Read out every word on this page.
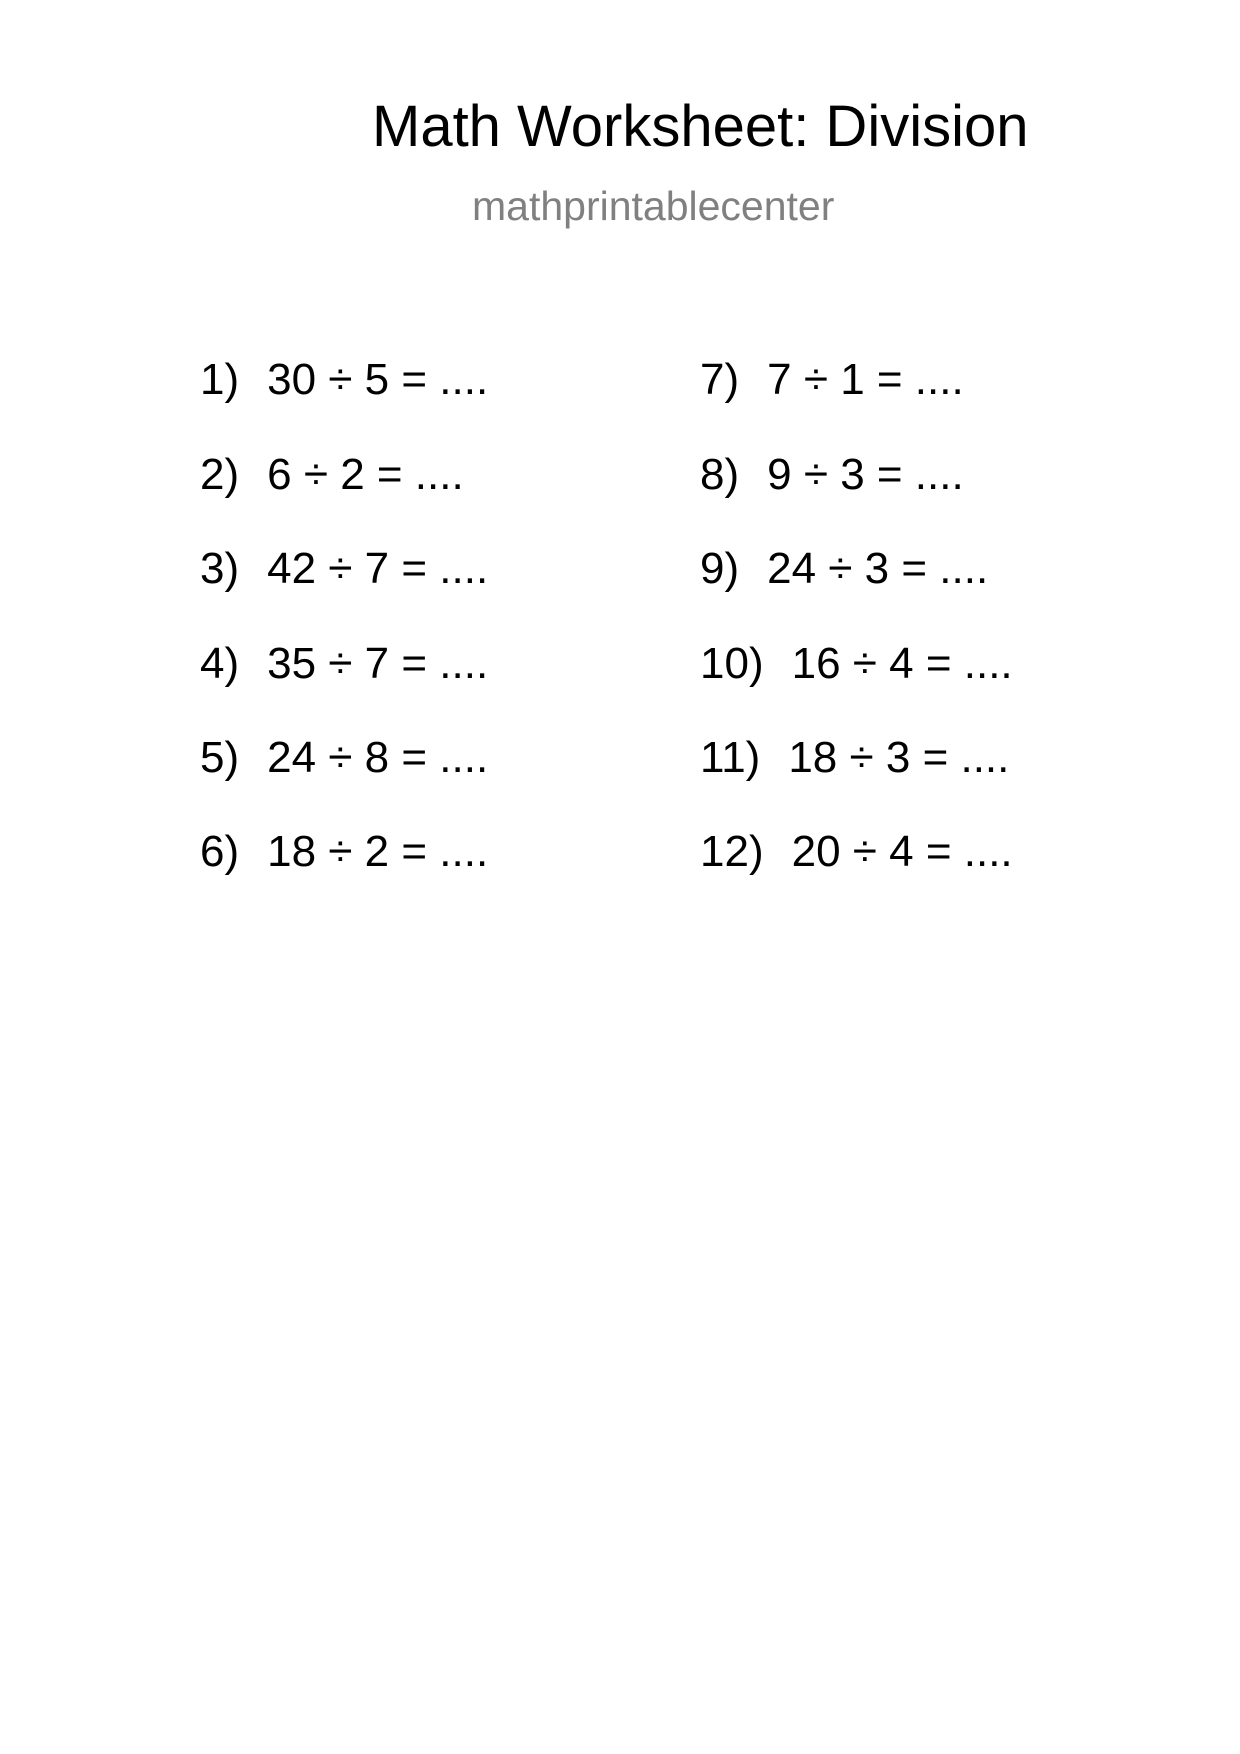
Math Worksheet: Division
mathprintablecenter
1) 30 ÷ 5 = ....
2) 6 ÷ 2 = ....
3) 42 ÷ 7 = ....
4) 35 ÷ 7 = ....
5) 24 ÷ 8 = ....
6) 18 ÷ 2 = ....
7) 7 ÷ 1 = ....
8) 9 ÷ 3 = ....
9) 24 ÷ 3 = ....
10) 16 ÷ 4 = ....
11) 18 ÷ 3 = ....
12) 20 ÷ 4 = ....
